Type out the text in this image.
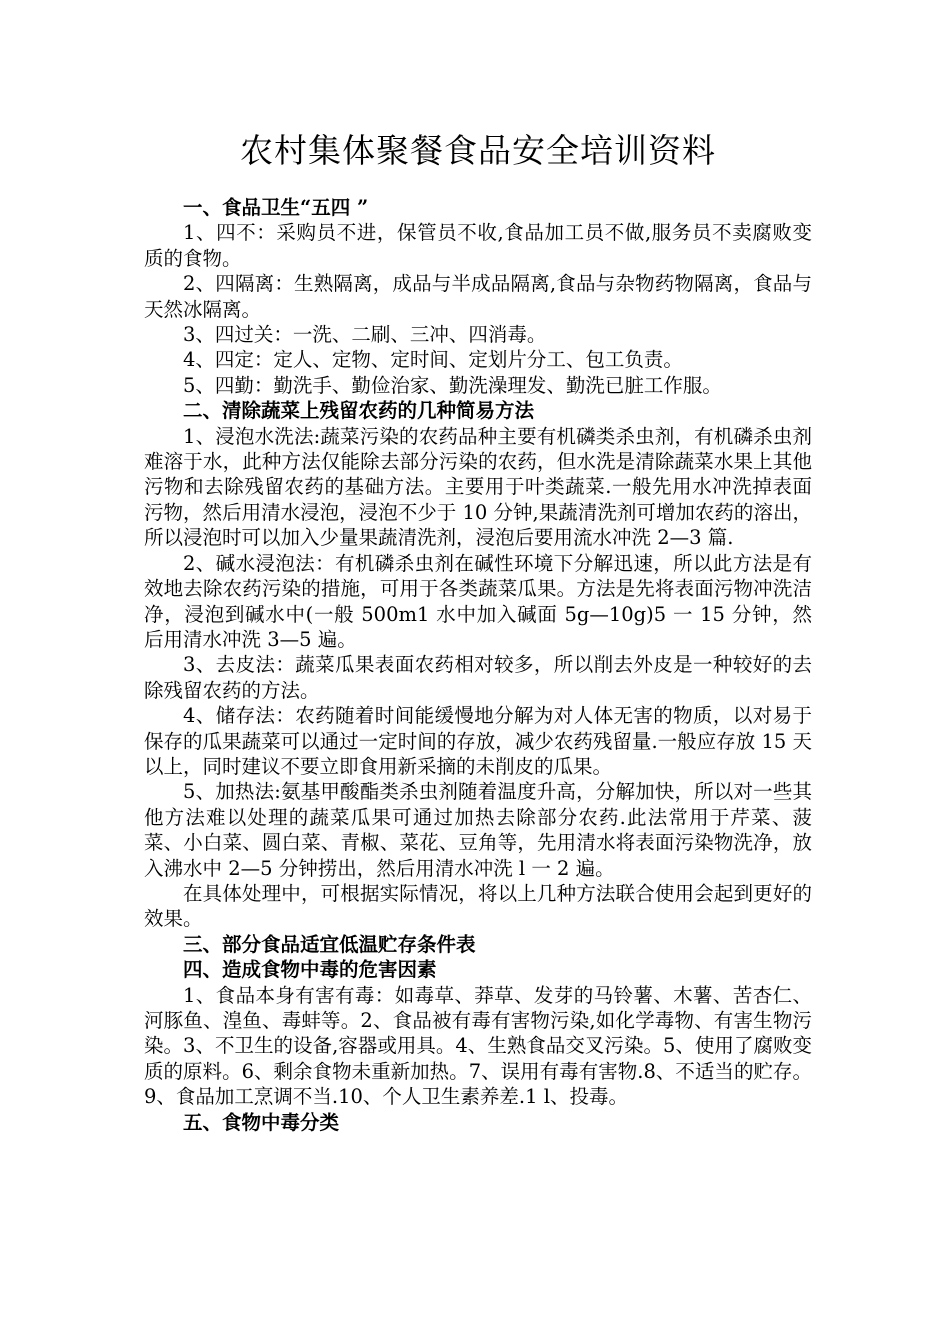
农村集体聚餐食品安全培训资料

一、食品卫生“五四 ”

1、四不：采购员不进，保管员不收,食品加工员不做,服务员不卖腐败变质的食物。

2、四隔离：生熟隔离，成品与半成品隔离,食品与杂物药物隔离，食品与天然冰隔离。

3、四过关：一洗、二刷、三冲、四消毒。

4、四定：定人、定物、定时间、定划片分工、包工负责。

5、四勤：勤洗手、勤俭治家、勤洗澡理发、勤洗已脏工作服。

二、清除蔬菜上残留农药的几种简易方法

1、浸泡水洗法:蔬菜污染的农药品种主要有机磷类杀虫剂，有机磷杀虫剂难溶于水，此种方法仅能除去部分污染的农药，但水洗是清除蔬菜水果上其他污物和去除残留农药的基础方法。主要用于叶类蔬菜.一般先用水冲洗掉表面污物，然后用清水浸泡，浸泡不少于 10 分钟,果蔬清洗剂可增加农药的溶出，所以浸泡时可以加入少量果蔬清洗剂，浸泡后要用流水冲洗 2—3 篇.

2、碱水浸泡法：有机磷杀虫剂在碱性环境下分解迅速，所以此方法是有效地去除农药污染的措施，可用于各类蔬菜瓜果。方法是先将表面污物冲洗洁净，浸泡到碱水中(一般 500m1 水中加入碱面 5g—10g)5 一 15 分钟，然后用清水冲洗 3—5 遍。

3、去皮法：蔬菜瓜果表面农药相对较多，所以削去外皮是一种较好的去除残留农药的方法。

4、储存法：农药随着时间能缓慢地分解为对人体无害的物质，以对易于保存的瓜果蔬菜可以通过一定时间的存放，减少农药残留量.一般应存放 15 天以上，同时建议不要立即食用新采摘的未削皮的瓜果。

5、加热法:氨基甲酸酯类杀虫剂随着温度升高，分解加快，所以对一些其他方法难以处理的蔬菜瓜果可通过加热去除部分农药.此法常用于芹菜、菠菜、小白菜、圆白菜、青椒、菜花、豆角等，先用清水将表面污染物洗净，放入沸水中 2—5 分钟捞出，然后用清水冲洗 l 一 2 遍。

在具体处理中，可根据实际情况，将以上几种方法联合使用会起到更好的效果。

三、部分食品适宜低温贮存条件表

四、造成食物中毒的危害因素

1、食品本身有害有毒：如毒草、莽草、发芽的马铃薯、木薯、苦杏仁、河豚鱼、湟鱼、毒蚌等。2、食品被有毒有害物污染,如化学毒物、有害生物污染。3、不卫生的设备,容器或用具。4、生熟食品交叉污染。5、使用了腐败变质的原料。6、剩余食物未重新加热。7、误用有毒有害物.8、不适当的贮存。9、食品加工烹调不当.10、个人卫生素养差.1 l、投毒。

五、食物中毒分类
